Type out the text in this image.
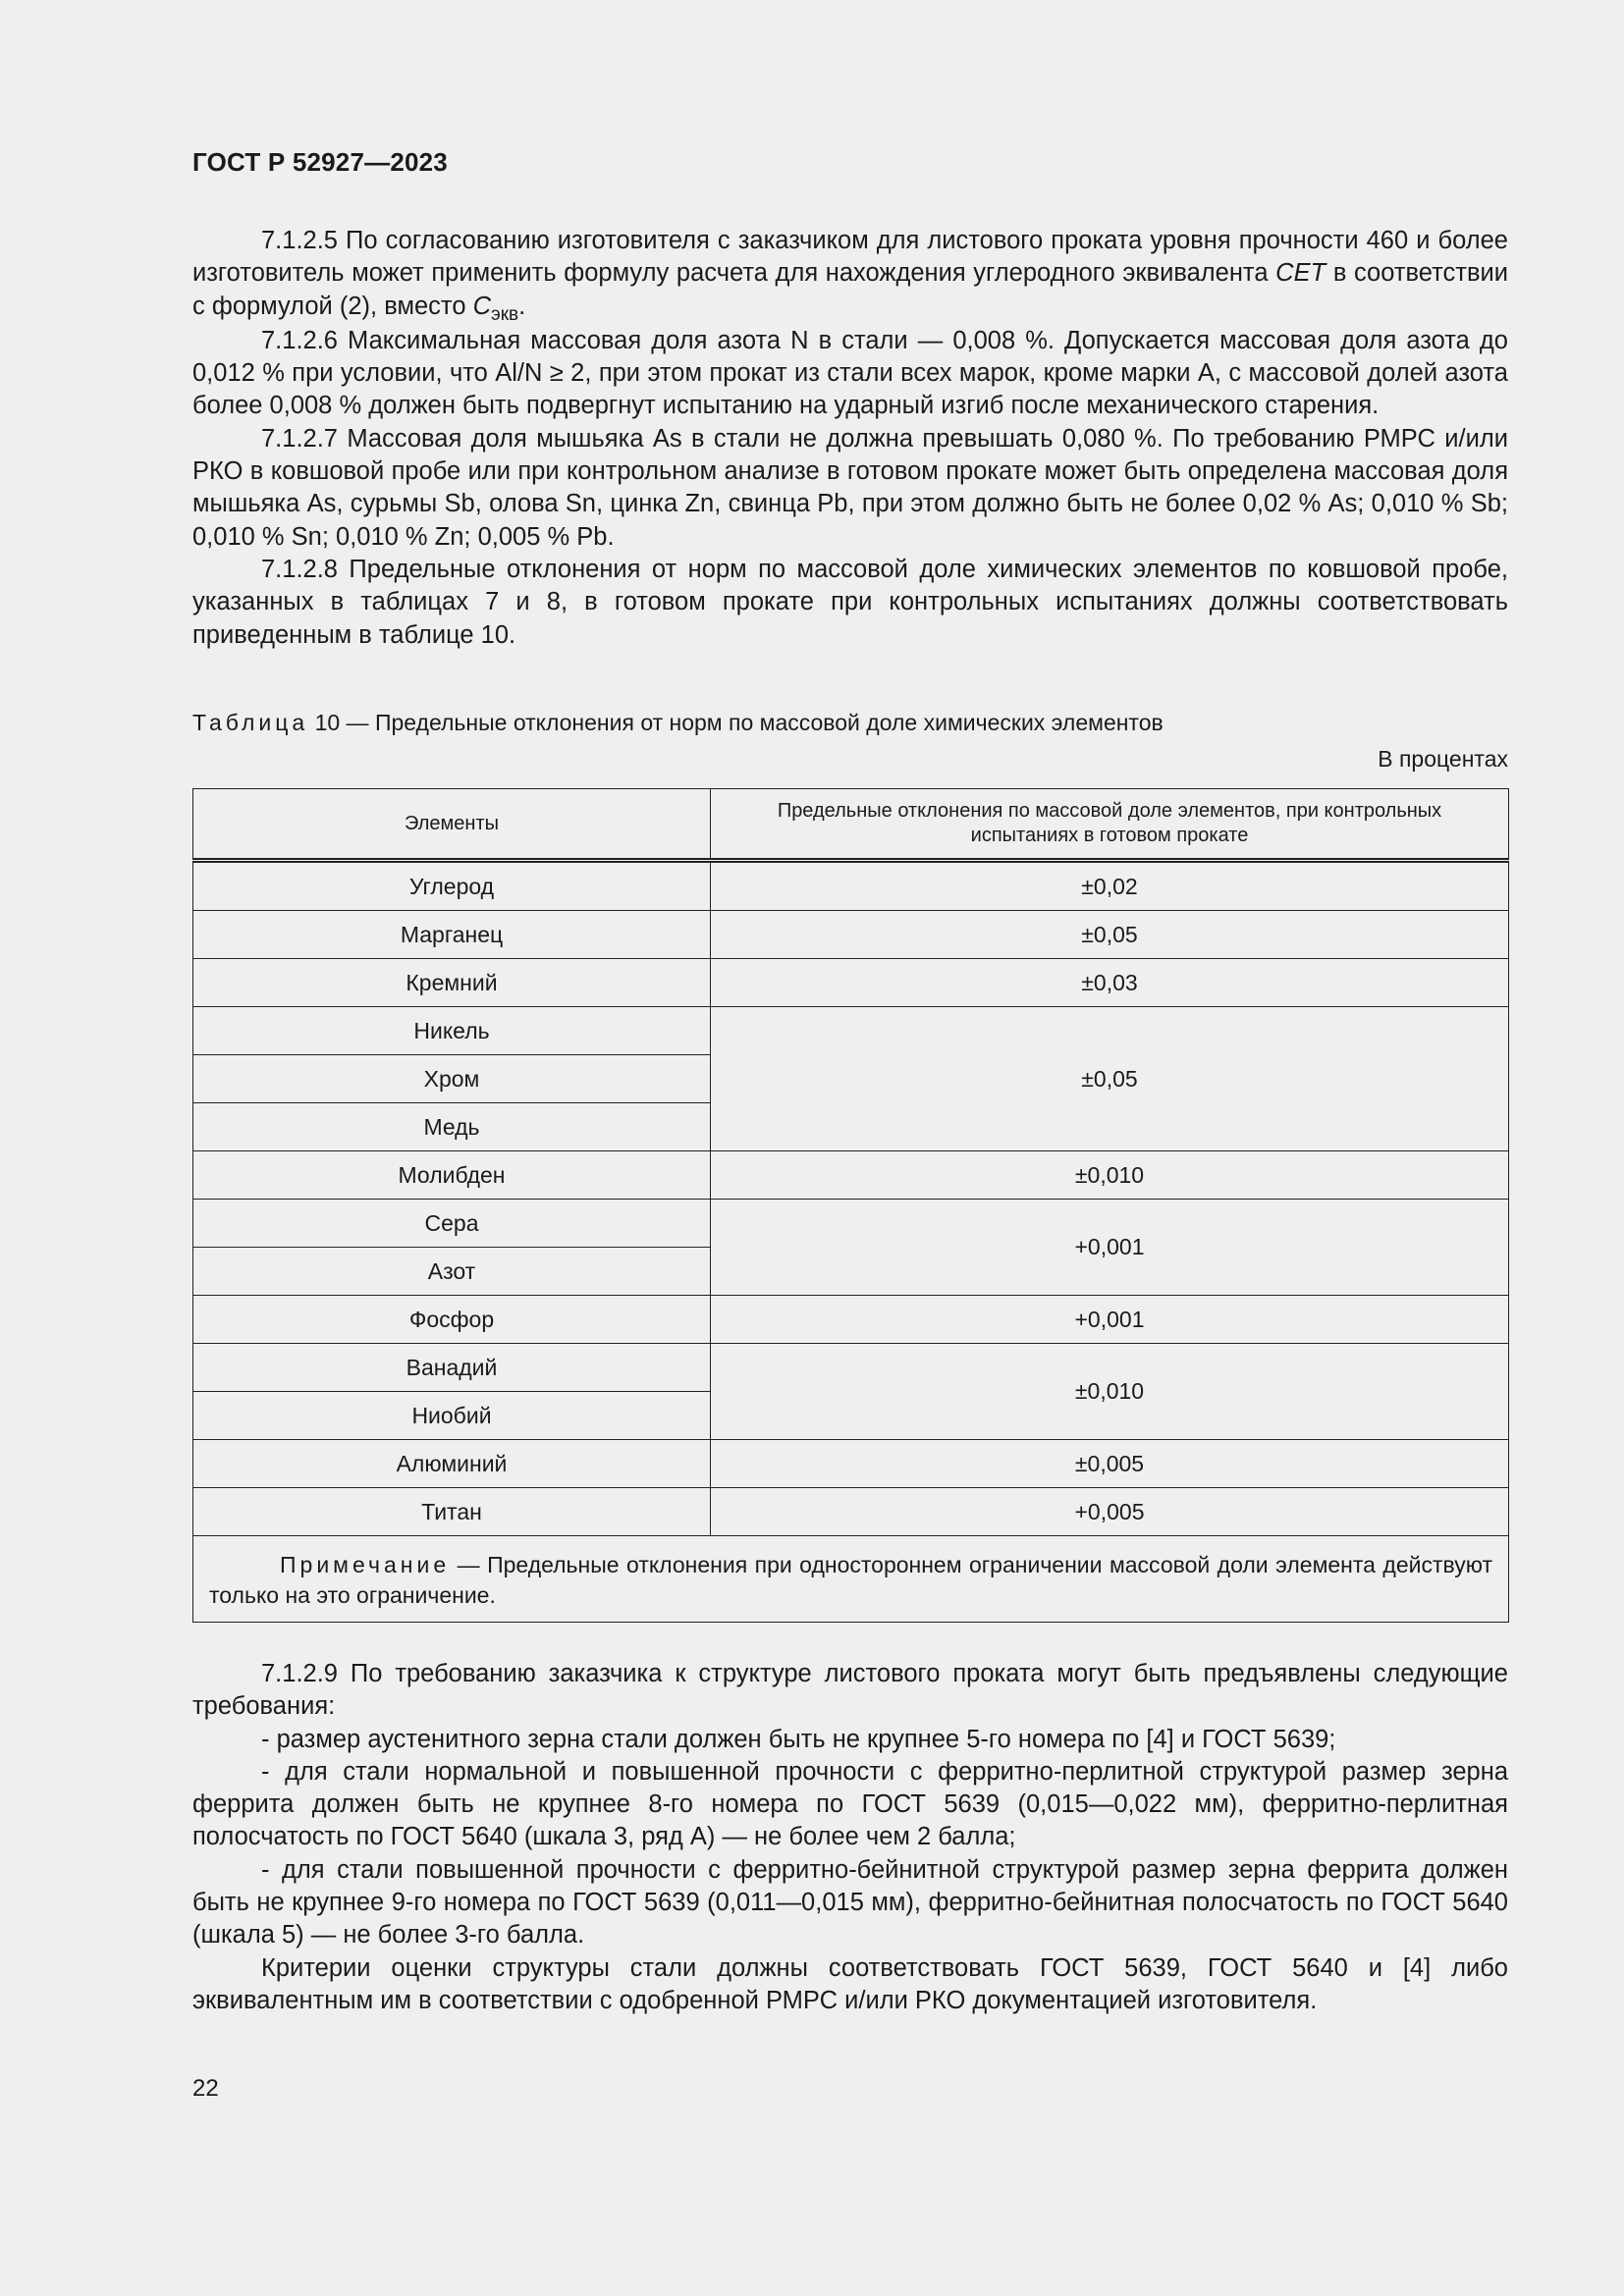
ГОСТ Р 52927—2023

7.1.2.5 По согласованию изготовителя с заказчиком для листового проката уровня прочности 460 и более изготовитель может применить формулу расчета для нахождения углеродного эквивалента CET в соответствии с формулой (2), вместо $C_{экв}$.

7.1.2.6 Максимальная массовая доля азота N в стали — 0,008 %. Допускается массовая доля азота до 0,012 % при условии, что Al/N ≥ 2, при этом прокат из стали всех марок, кроме марки А, с массовой долей азота более 0,008 % должен быть подвергнут испытанию на ударный изгиб после механического старения.

7.1.2.7 Массовая доля мышьяка As в стали не должна превышать 0,080 %. По требованию РМРС и/или РКО в ковшовой пробе или при контрольном анализе в готовом прокате может быть определена массовая доля мышьяка As, сурьмы Sb, олова Sn, цинка Zn, свинца Pb, при этом должно быть не более 0,02 % As; 0,010 % Sb; 0,010 % Sn; 0,010 % Zn; 0,005 % Pb.

7.1.2.8 Предельные отклонения от норм по массовой доле химических элементов по ковшовой пробе, указанных в таблицах 7 и 8, в готовом прокате при контрольных испытаниях должны соответствовать приведенным в таблице 10.

Таблица 10 — Предельные отклонения от норм по массовой доле химических элементов
В процентах
Элементы	Предельные отклонения по массовой доле элементов, при контрольных испытаниях в готовом прокате
Углерод	±0,02
Марганец	±0,05
Кремний	±0,03
Никель	±0,05
Хром	
Медь	
Молибден	±0,010
Сера	+0,001
Азот	
Фосфор	+0,001
Ванадий	±0,010
Ниобий	
Алюминий	±0,005
Титан	+0,005
Примечание — Предельные отклонения при одностороннем ограничении массовой доли элемента действуют только на это ограничение.	

7.1.2.9 По требованию заказчика к структуре листового проката могут быть предъявлены следующие требования:

- размер аустенитного зерна стали должен быть не крупнее 5-го номера по [4] и ГОСТ 5639;

- для стали нормальной и повышенной прочности с ферритно-перлитной структурой размер зерна феррита должен быть не крупнее 8-го номера по ГОСТ 5639 (0,015—0,022 мм), ферритно-перлитная полосчатость по ГОСТ 5640 (шкала 3, ряд А) — не более чем 2 балла;

- для стали повышенной прочности с ферритно-бейнитной структурой размер зерна феррита должен быть не крупнее 9-го номера по ГОСТ 5639 (0,011—0,015 мм), ферритно-бейнитная полосчатость по ГОСТ 5640 (шкала 5) — не более 3-го балла.

Критерии оценки структуры стали должны соответствовать ГОСТ 5639, ГОСТ 5640 и [4] либо эквивалентным им в соответствии с одобренной РМРС и/или РКО документацией изготовителя.

22
